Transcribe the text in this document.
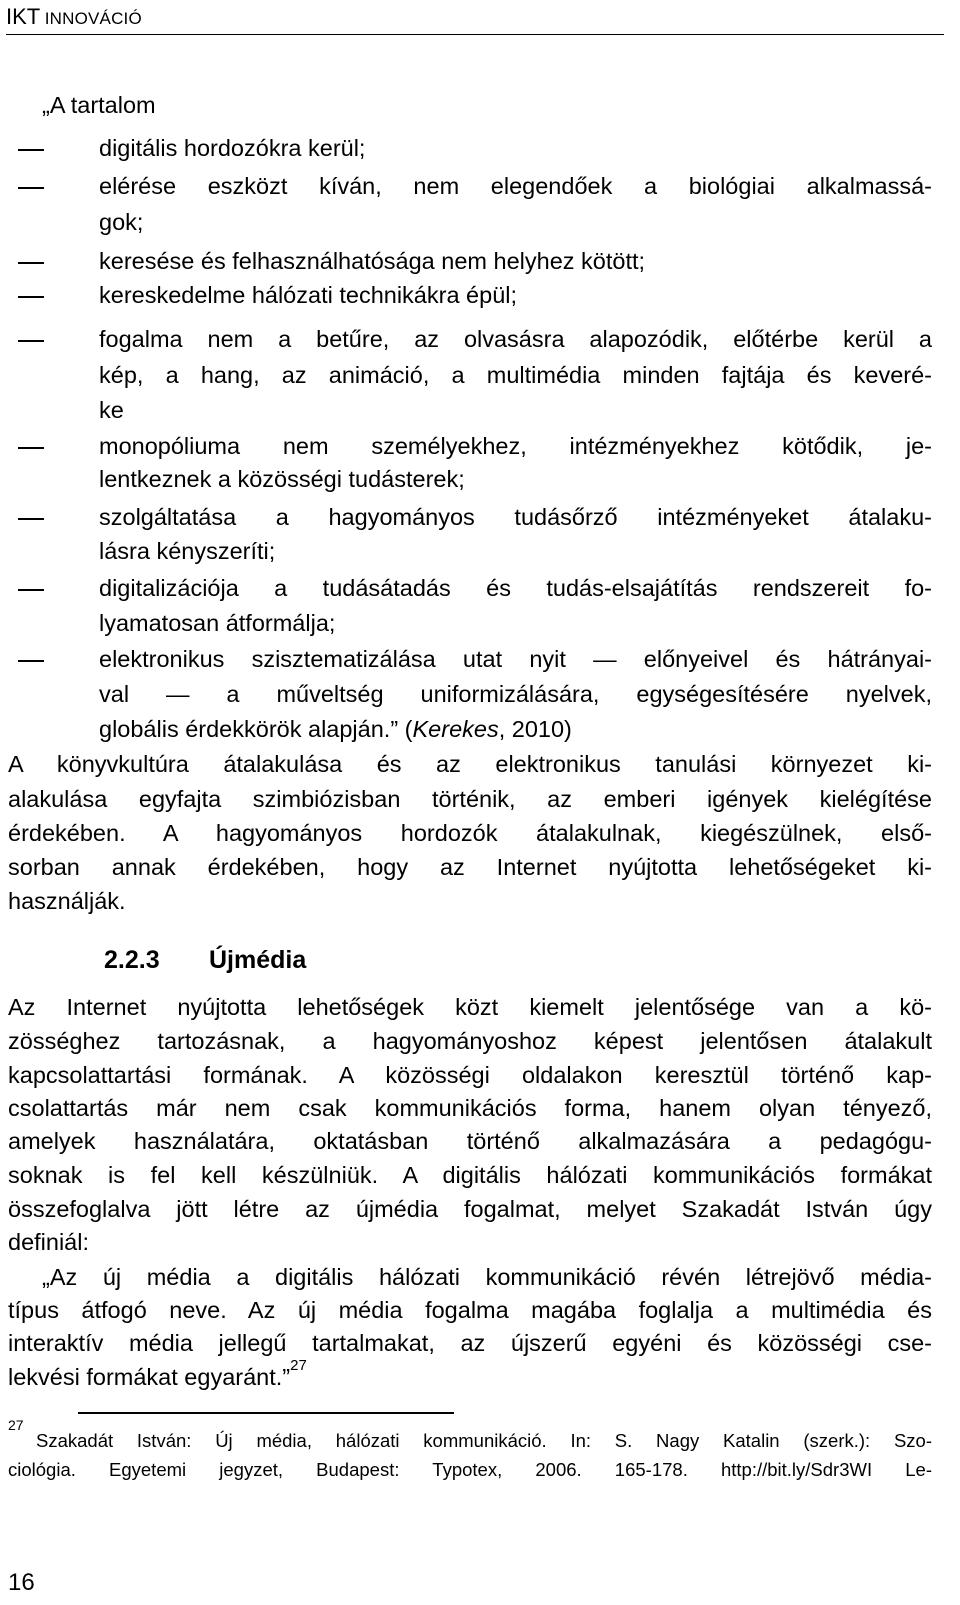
IKT INNOVÁCIÓ
„A tartalom
digitális hordozókra kerül;
elérése eszközt kíván, nem elegendőek a biológiai alkalmassá-
gok;
keresése és felhasználhatósága nem helyhez kötött;
kereskedelme hálózati technikákra épül;
fogalma nem a betűre, az olvasásra alapozódik, előtérbe kerül a
kép, a hang, az animáció, a multimédia minden fajtája és keveré-
ke
monopóliuma nem személyekhez, intézményekhez kötődik, je-
lentkeznek a közösségi tudásterek;
szolgáltatása a hagyományos tudásőrző intézményeket átalaku-
lásra kényszeríti;
digitalizációja a tudásátadás és tudás-elsajátítás rendszereit fo-
lyamatosan átformálja;
elektronikus szisztematizálása utat nyit ― előnyeivel és hátrányai-
val ― a műveltség uniformizálására, egységesítésére nyelvek,
globális érdekkörök alapján.” (Kerekes, 2010)
A könyvkultúra átalakulása és az elektronikus tanulási környezet ki-
alakulása egyfajta szimbiózisban történik, az emberi igények kielégítése
érdekében. A hagyományos hordozók átalakulnak, kiegészülnek, első-
sorban annak érdekében, hogy az Internet nyújtotta lehetőségeket ki-
használják.
2.2.3 Újmédia
Az Internet nyújtotta lehetőségek közt kiemelt jelentősége van a kö-
zösséghez tartozásnak, a hagyományoshoz képest jelentősen átalakult
kapcsolattartási formának. A közösségi oldalakon keresztül történő kap-
csolattartás már nem csak kommunikációs forma, hanem olyan tényező,
amelyek használatára, oktatásban történő alkalmazására a pedagógu-
soknak is fel kell készülniük. A digitális hálózati kommunikációs formákat
összefoglalva jött létre az újmédia fogalmat, melyet Szakadát István úgy
definiál:
„Az új média a digitális hálózati kommunikáció révén létrejövő média-
típus átfogó neve. Az új média fogalma magába foglalja a multimédia és
interaktív média jellegű tartalmakat, az újszerű egyéni és közösségi cse-
lekvési formákat egyaránt.”$^{27}$
27
Szakadát István: Új média, hálózati kommunikáció. In: S. Nagy Katalin (szerk.): Szo-
ciológia. Egyetemi jegyzet, Budapest: Typotex, 2006. 165-178. http://bit.ly/Sdr3WI Le-
16
